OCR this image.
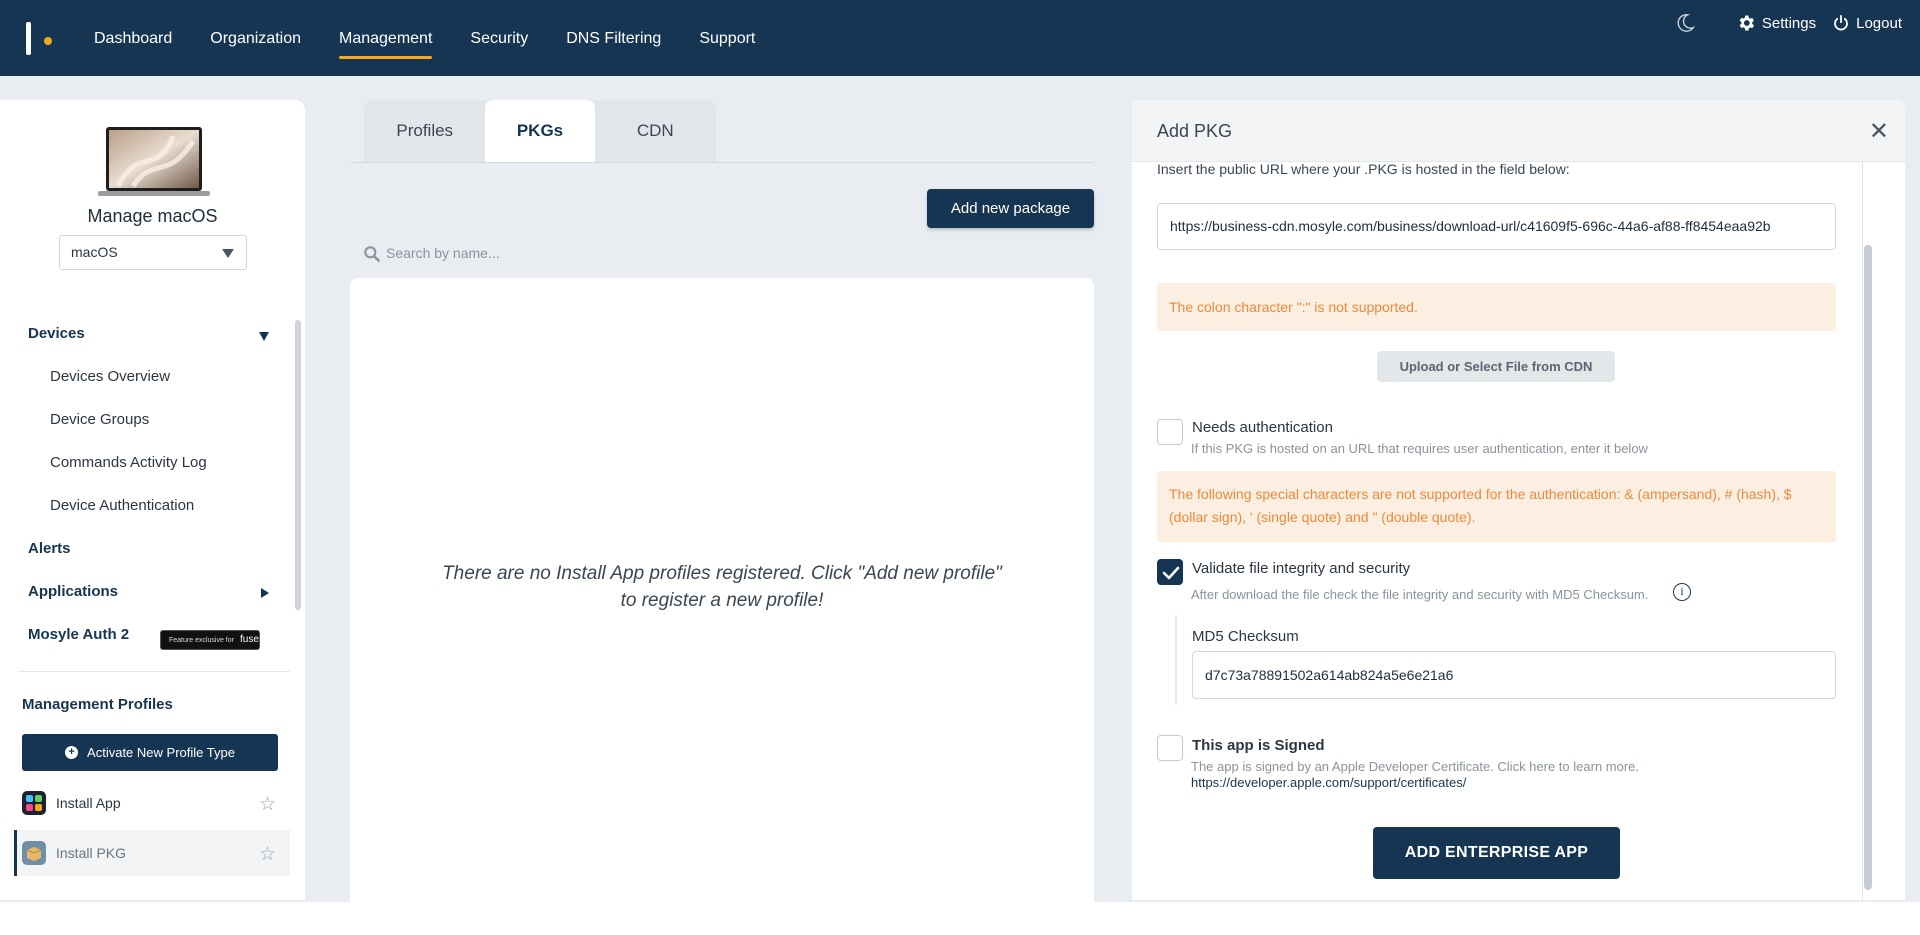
Dashboard Organization Management Security DNS Filtering Support
Settings	Logout
Manage macOS
macOS
Devices
Devices Overview
Device Groups
Commands Activity Log
Device Authentication
Alerts
Applications
Mosyle Auth 2	Feature exclusive for fuse
Management Profiles
+ Activate New Profile Type
Install App	☆
Install PKG	☆
Profiles	PKGs	CDN
Add new package
Search by name...
There are no Install App profiles registered. Click "Add new profile" to register a new profile!
Add PKG	✕
Insert the public URL where your .PKG is hosted in the field below:
https://business-cdn.mosyle.com/business/download-url/c41609f5-696c-44a6-af88-ff8454eaa92b
The colon character ":" is not supported.
Upload or Select File from CDN
Needs authentication
If this PKG is hosted on an URL that requires user authentication, enter it below
The following special characters are not supported for the authentication: & (ampersand), # (hash), $ (dollar sign), ' (single quote) and " (double quote).
Validate file integrity and security
After download the file check the file integrity and security with MD5 Checksum.	i
MD5 Checksum
d7c73a78891502a614ab824a5e6e21a6
This app is Signed
The app is signed by an Apple Developer Certificate. Click here to learn more.
https://developer.apple.com/support/certificates/
ADD ENTERPRISE APP
